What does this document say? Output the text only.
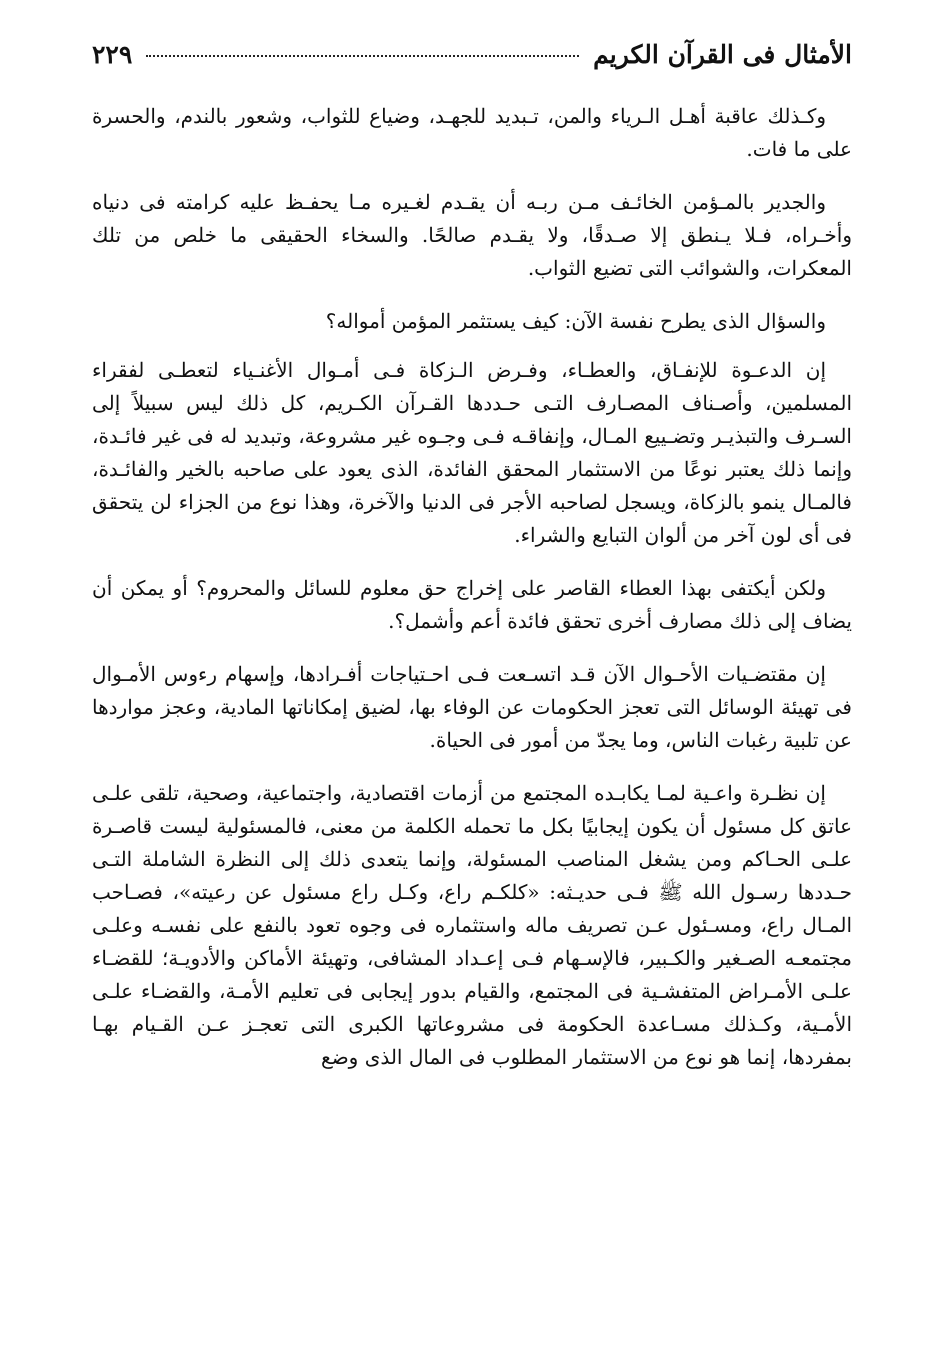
الأمثال فى القرآن الكريم
٢٢٩

وكـذلك عاقبة أهـل الـرياء والمن، تـبديد للجهـد، وضياع للثواب، وشعور بالندم، والحسرة على ما فات.

والجدير بالمـؤمن الخائـف مـن ربـه أن يقـدم لغـيره مـا يحفـظ عليه كرامته فى دنياه وأخـراه، فـلا يـنطق إلا صـدقًا، ولا يقـدم صالحًا. والسخاء الحقيقى ما خلص من تلك المعكرات، والشوائب التى تضيع الثواب.

والسؤال الذى يطرح نفسة الآن: كيف يستثمر المؤمن أمواله؟

إن الدعـوة للإنفـاق، والعطـاء، وفـرض الـزكاة فـى أمـوال الأغنـياء لتعطـى لفقراء المسلمين، وأصـناف المصـارف التـى حـددها القـرآن الكـريم، كل ذلك ليس سبيلاً إلى السـرف والتبذيـر وتضـييع المـال، وإنفاقـه فـى وجـوه غير مشروعة، وتبديد له فى غير فائـدة، وإنما ذلك يعتبر نوعًا من الاستثمار المحقق الفائدة، الذى يعود على صاحبه بالخير والفائـدة، فالمـال ينمو بالزكاة، ويسجل لصاحبه الأجر فى الدنيا والآخرة، وهذا نوع من الجزاء لن يتحقق فى أى لون آخر من ألوان التبايع والشراء.

ولكن أيكتفى بهذا العطاء القاصر على إخراج حق معلوم للسائل والمحروم؟ أو يمكن أن يضاف إلى ذلك مصارف أخرى تحقق فائدة أعم وأشمل؟.

إن مقتضـيات الأحـوال الآن قـد اتسـعت فـى احـتياجات أفـرادها، وإسهام رءوس الأمـوال فى تهيئة الوسائل التى تعجز الحكومات عن الوفاء بها، لضيق إمكاناتها المادية، وعجز مواردها عن تلبية رغبات الناس، وما يجدّ من أمور فى الحياة.

إن نظـرة واعـية لمـا يكابـده المجتمع من أزمات اقتصادية، واجتماعية، وصحية، تلقى علـى عاتق كل مسئول أن يكون إيجابيًا بكل ما تحمله الكلمة من معنى، فالمسئولية ليست قاصـرة علـى الحـاكم ومن يشغل المناصب المسئولة، وإنما يتعدى ذلك إلى النظرة الشاملة التـى حـددها رسـول الله ﷺ فـى حديـثه: «كلكـم راع، وكـل راع مسئول عن رعيته»، فصـاحب المـال راع، ومسـئول عـن تصريف ماله واستثماره فى وجوه تعود بالنفع على نفسـه وعلـى مجتمعـه الصـغير والكـبير، فالإسـهام فـى إعـداد المشافى، وتهيئة الأماكن والأدويـة؛ للقضـاء علـى الأمـراض المتفشـية فى المجتمع، والقيام بدور إيجابى فى تعليم الأمـة، والقضـاء علـى الأمـية، وكـذلك مسـاعدة الحكومة فى مشروعاتها الكبرى التى تعجـز عـن القـيام بهـا بمفردها، إنما هو نوع من الاستثمار المطلوب فى المال الذى وضع
